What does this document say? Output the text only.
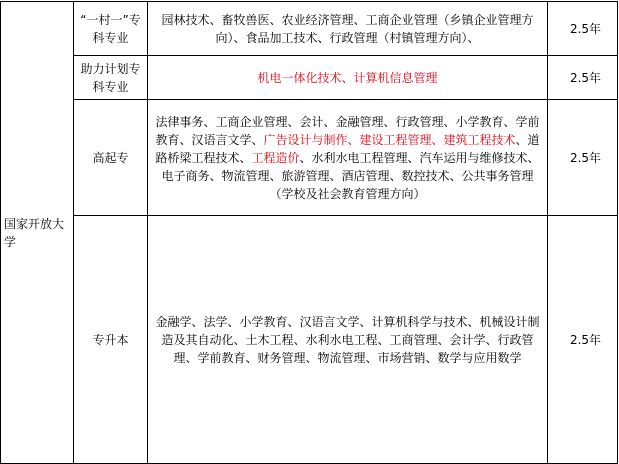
国家开放大学	“一村一”专科专业	园林技术、畜牧兽医、农业经济管理、工商企业管理（乡镇企业管理方向）、食品加工技术、行政管理（村镇管理方向）、	2.5年
	助力计划专科专业	机电一体化技术、计算机信息管理	2.5年
	高起专	法律事务、工商企业管理、会计、金融管理、行政管理、小学教育、学前教育、汉语言文学、广告设计与制作、建设工程管理、建筑工程技术、道路桥梁工程技术、工程造价、水利水电工程管理、汽车运用与维修技术、电子商务、物流管理、旅游管理、酒店管理、数控技术、公共事务管理（学校及社会教育管理方向）	2.5年
	专升本	金融学、法学、小学教育、汉语言文学、计算机科学与技术、机械设计制造及其自动化、土木工程、水利水电工程、工商管理、会计学、行政管理、学前教育、财务管理、物流管理、市场营销、数学与应用数学	2.5年
